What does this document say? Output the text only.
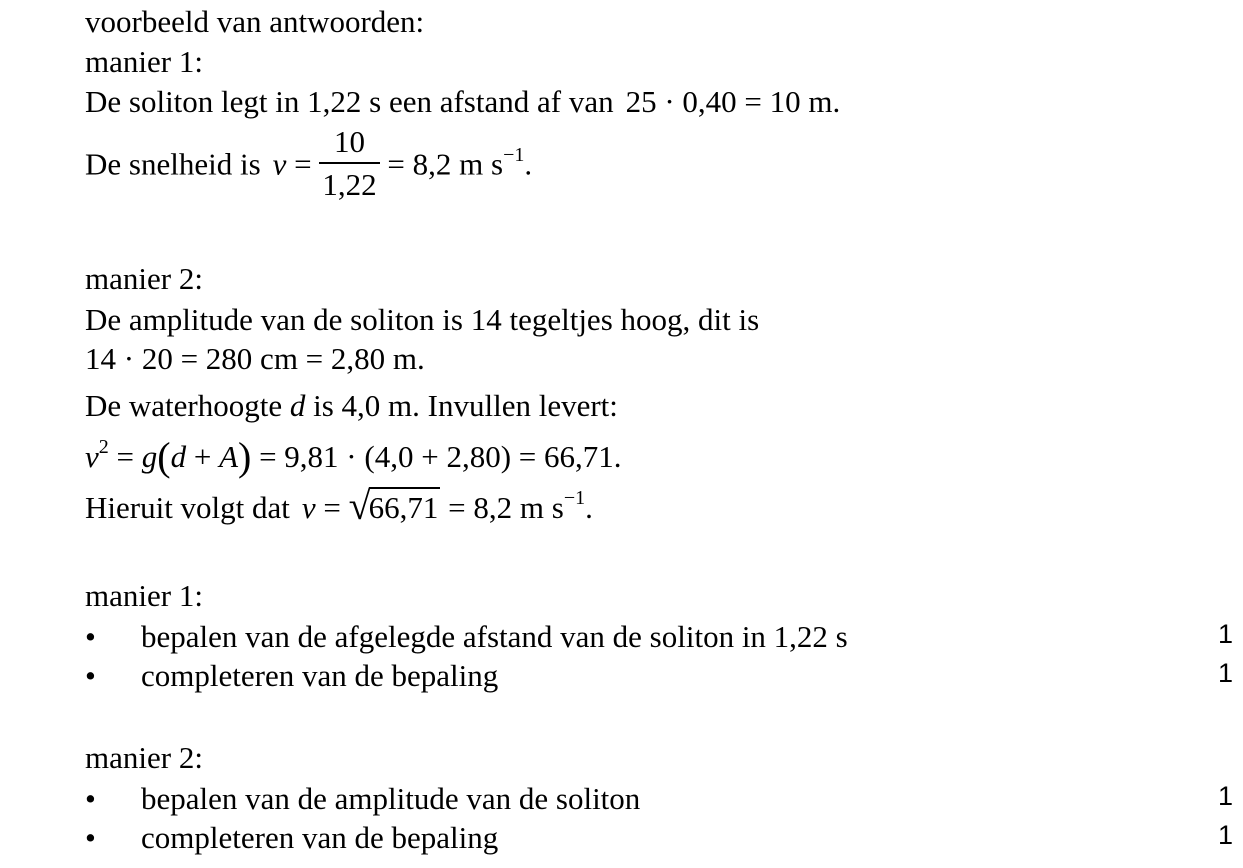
voorbeeld van antwoorden:
manier 1:
De soliton legt in 1,22 s een afstand af van 25 · 0,40 = 10 m.
De snelheid is $v = \frac{10}{1,22} = 8,2$ m $s^{-1}$.
manier 2:
De amplitude van de soliton is 14 tegeltjes hoog, dit is
14 · 20 = 280 cm = 2,80 m.
De waterhoogte d is 4,0 m. Invullen levert:
$v^2 = g(d + A) = 9,81 \cdot (4,0 + 2,80) = 66,71$.
Hieruit volgt dat v = √
66,71 = 8,2 m $s^{-1}$.
manier 1:
•	bepalen van de afgelegde afstand van de soliton in 1,22 s	1
•	completeren van de bepaling	1
manier 2:
•	bepalen van de amplitude van de soliton	1
•	completeren van de bepaling	1
